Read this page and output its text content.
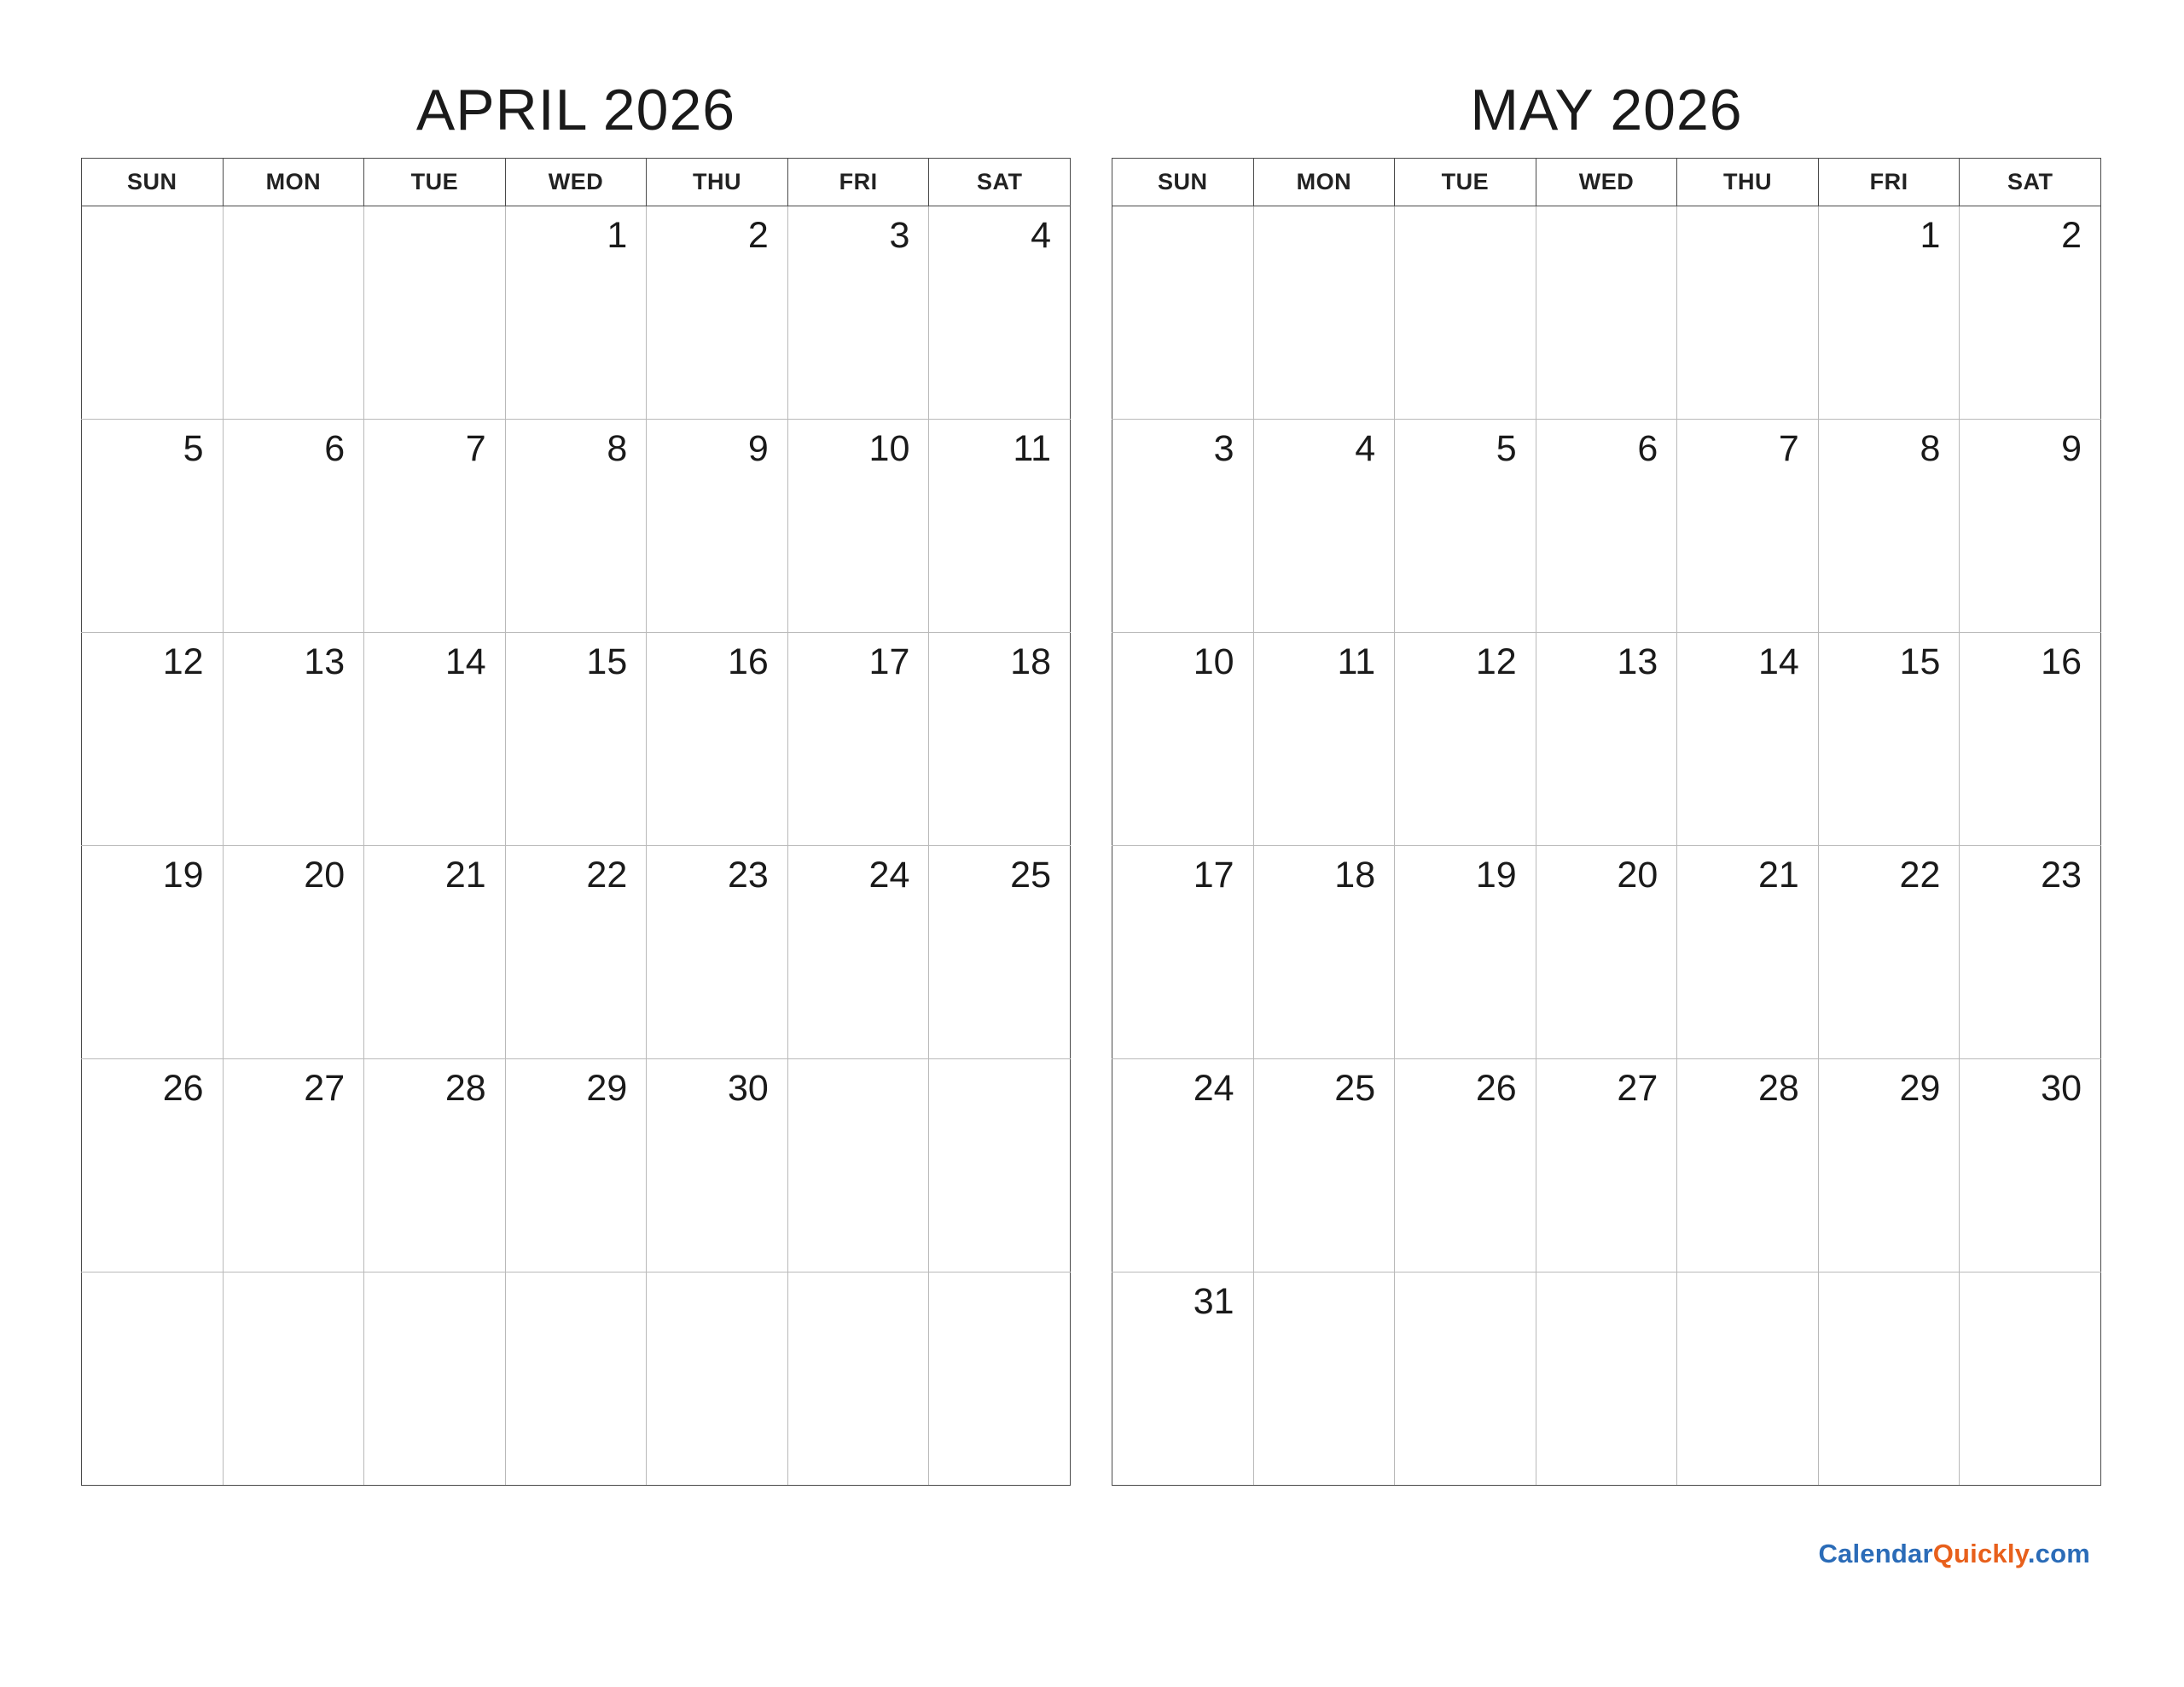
APRIL 2026
SUN	MON	TUE	WED	THU	FRI	SAT
			1	2	3	4
5	6	7	8	9	10	11
12	13	14	15	16	17	18
19	20	21	22	23	24	25
26	27	28	29	30		

MAY 2026
SUN	MON	TUE	WED	THU	FRI	SAT
					1	2
3	4	5	6	7	8	9
10	11	12	13	14	15	16
17	18	19	20	21	22	23
24	25	26	27	28	29	30
31						
CalendarQuickly.com
